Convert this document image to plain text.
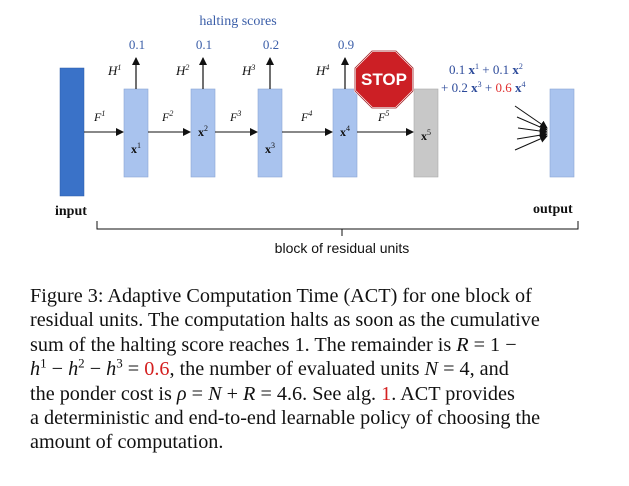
halting scores
0.1	0.1	0.2	0.9
$H^1$	$H^2$	$H^3$	$H^4$
$F^1$	$F^2$	$F^3$	$F^4$	$F^5$
$x^1$
$x^2$
$x^3$
$x^4$
$x^5$
STOP
0.1 $x^1 + 0.1$ $x^2$
+ 0.2 $x^3 + 0.6$ $x^4$
input	output
block of residual units
Figure 3: Adaptive Computation Time (ACT) for one block of
residual units. The computation halts as soon as the cumulative
sum of the halting score reaches 1. The remainder is R = 1 −
$h^1 - h^2 - h^3 = 0.6$, the number of evaluated units N = 4, and
the ponder cost is ρ = N + R = 4.6. See alg. 1. ACT provides
a deterministic and end-to-end learnable policy of choosing the
amount of computation.
